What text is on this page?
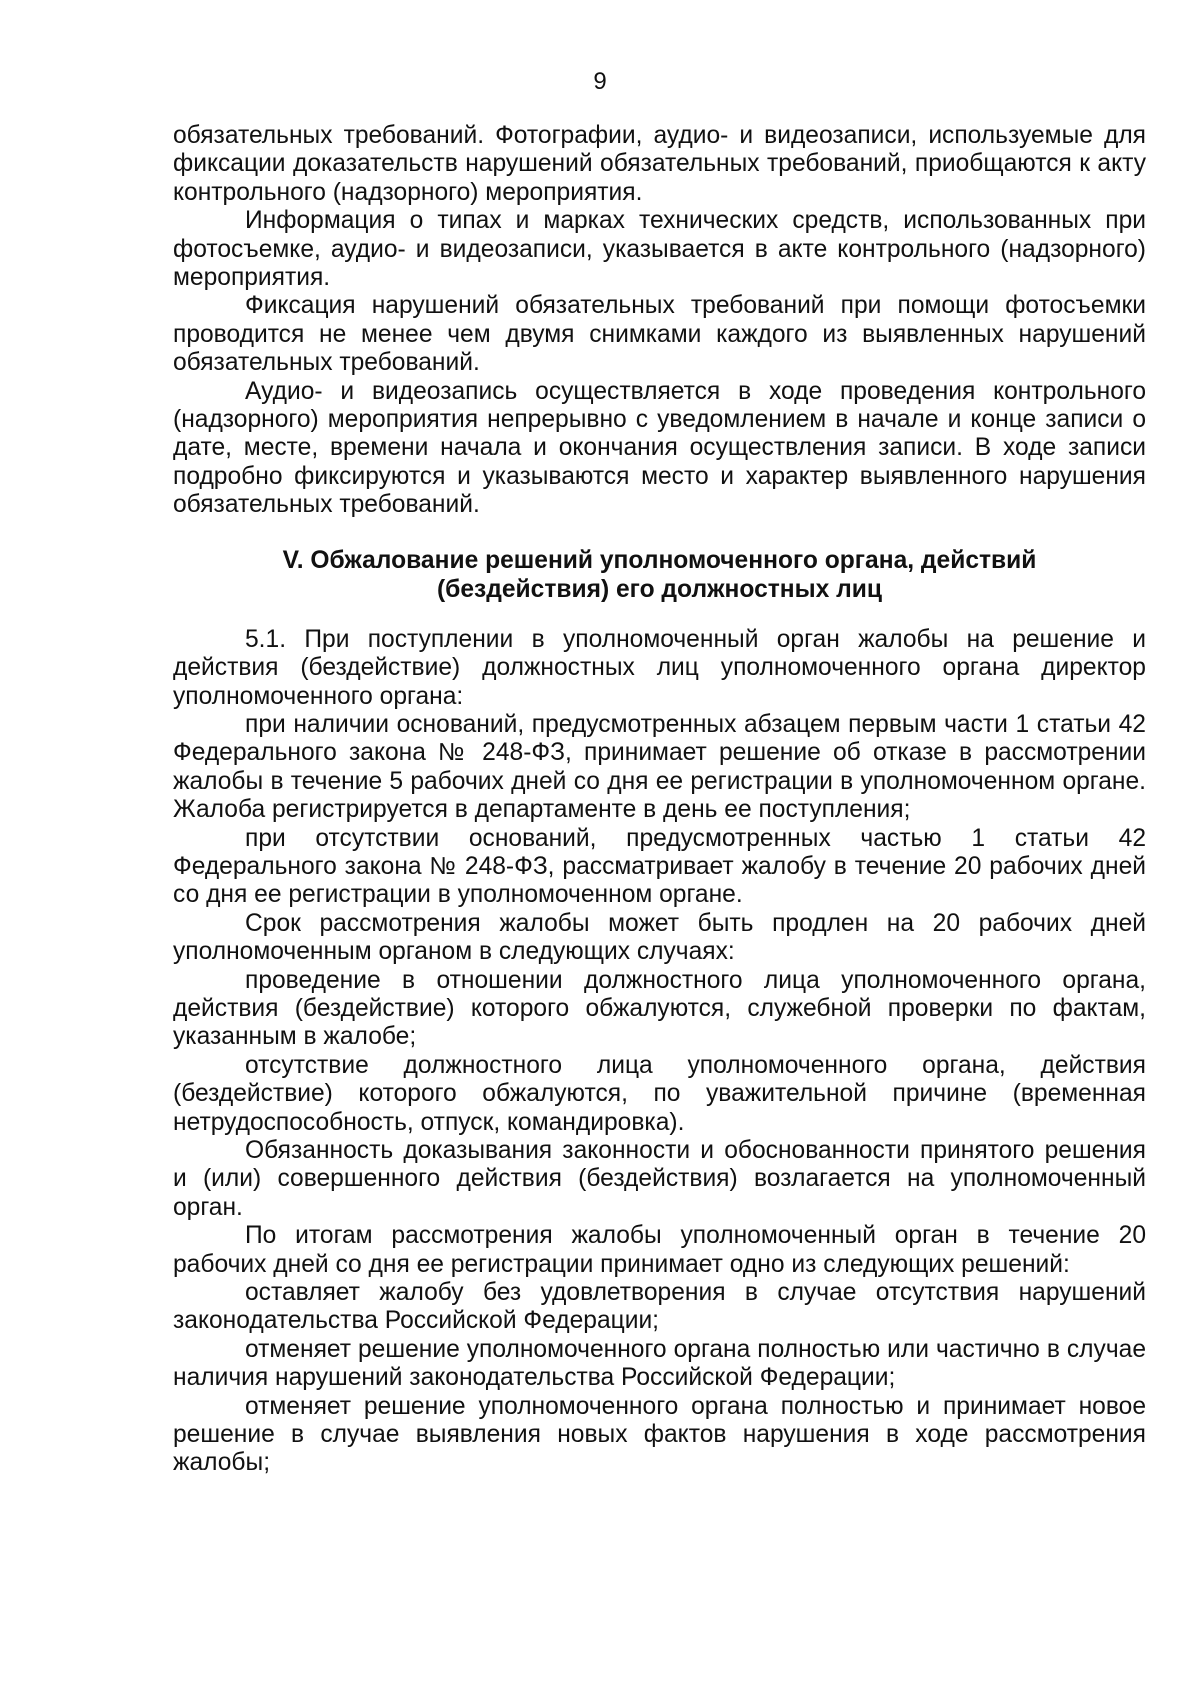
9

обязательных требований. Фотографии, аудио- и видеозаписи, используемые для фиксации доказательств нарушений обязательных требований, приобщаются к акту контрольного (надзорного) мероприятия.

Информация о типах и марках технических средств, использованных при фотосъемке, аудио- и видеозаписи, указывается в акте контрольного (надзорного) мероприятия.

Фиксация нарушений обязательных требований при помощи фотосъемки проводится не менее чем двумя снимками каждого из выявленных нарушений обязательных требований.

Аудио- и видеозапись осуществляется в ходе проведения контрольного (надзорного) мероприятия непрерывно с уведомлением в начале и конце записи о дате, месте, времени начала и окончания осуществления записи. В ходе записи подробно фиксируются и указываются место и характер выявленного нарушения обязательных требований.

V. Обжалование решений уполномоченного органа, действий
(бездействия) его должностных лиц

5.1. При поступлении в уполномоченный орган жалобы на решение и действия (бездействие) должностных лиц уполномоченного органа директор уполномоченного органа:

при наличии оснований, предусмотренных абзацем первым части 1 статьи 42 Федерального закона № 248-ФЗ, принимает решение об отказе в рассмотрении жалобы в течение 5 рабочих дней со дня ее регистрации в уполномоченном органе. Жалоба регистрируется в департаменте в день ее поступления;

при отсутствии оснований, предусмотренных частью 1 статьи 42 Федерального закона № 248-ФЗ, рассматривает жалобу в течение 20 рабочих дней со дня ее регистрации в уполномоченном органе.

Срок рассмотрения жалобы может быть продлен на 20 рабочих дней уполномоченным органом в следующих случаях:

проведение в отношении должностного лица уполномоченного органа, действия (бездействие) которого обжалуются, служебной проверки по фактам, указанным в жалобе;

отсутствие должностного лица уполномоченного органа, действия (бездействие) которого обжалуются, по уважительной причине (временная нетрудоспособность, отпуск, командировка).

Обязанность доказывания законности и обоснованности принятого решения и (или) совершенного действия (бездействия) возлагается на уполномоченный орган.

По итогам рассмотрения жалобы уполномоченный орган в течение 20 рабочих дней со дня ее регистрации принимает одно из следующих решений:

оставляет жалобу без удовлетворения в случае отсутствия нарушений законодательства Российской Федерации;

отменяет решение уполномоченного органа полностью или частично в случае наличия нарушений законодательства Российской Федерации;

отменяет решение уполномоченного органа полностью и принимает новое решение в случае выявления новых фактов нарушения в ходе рассмотрения жалобы;
